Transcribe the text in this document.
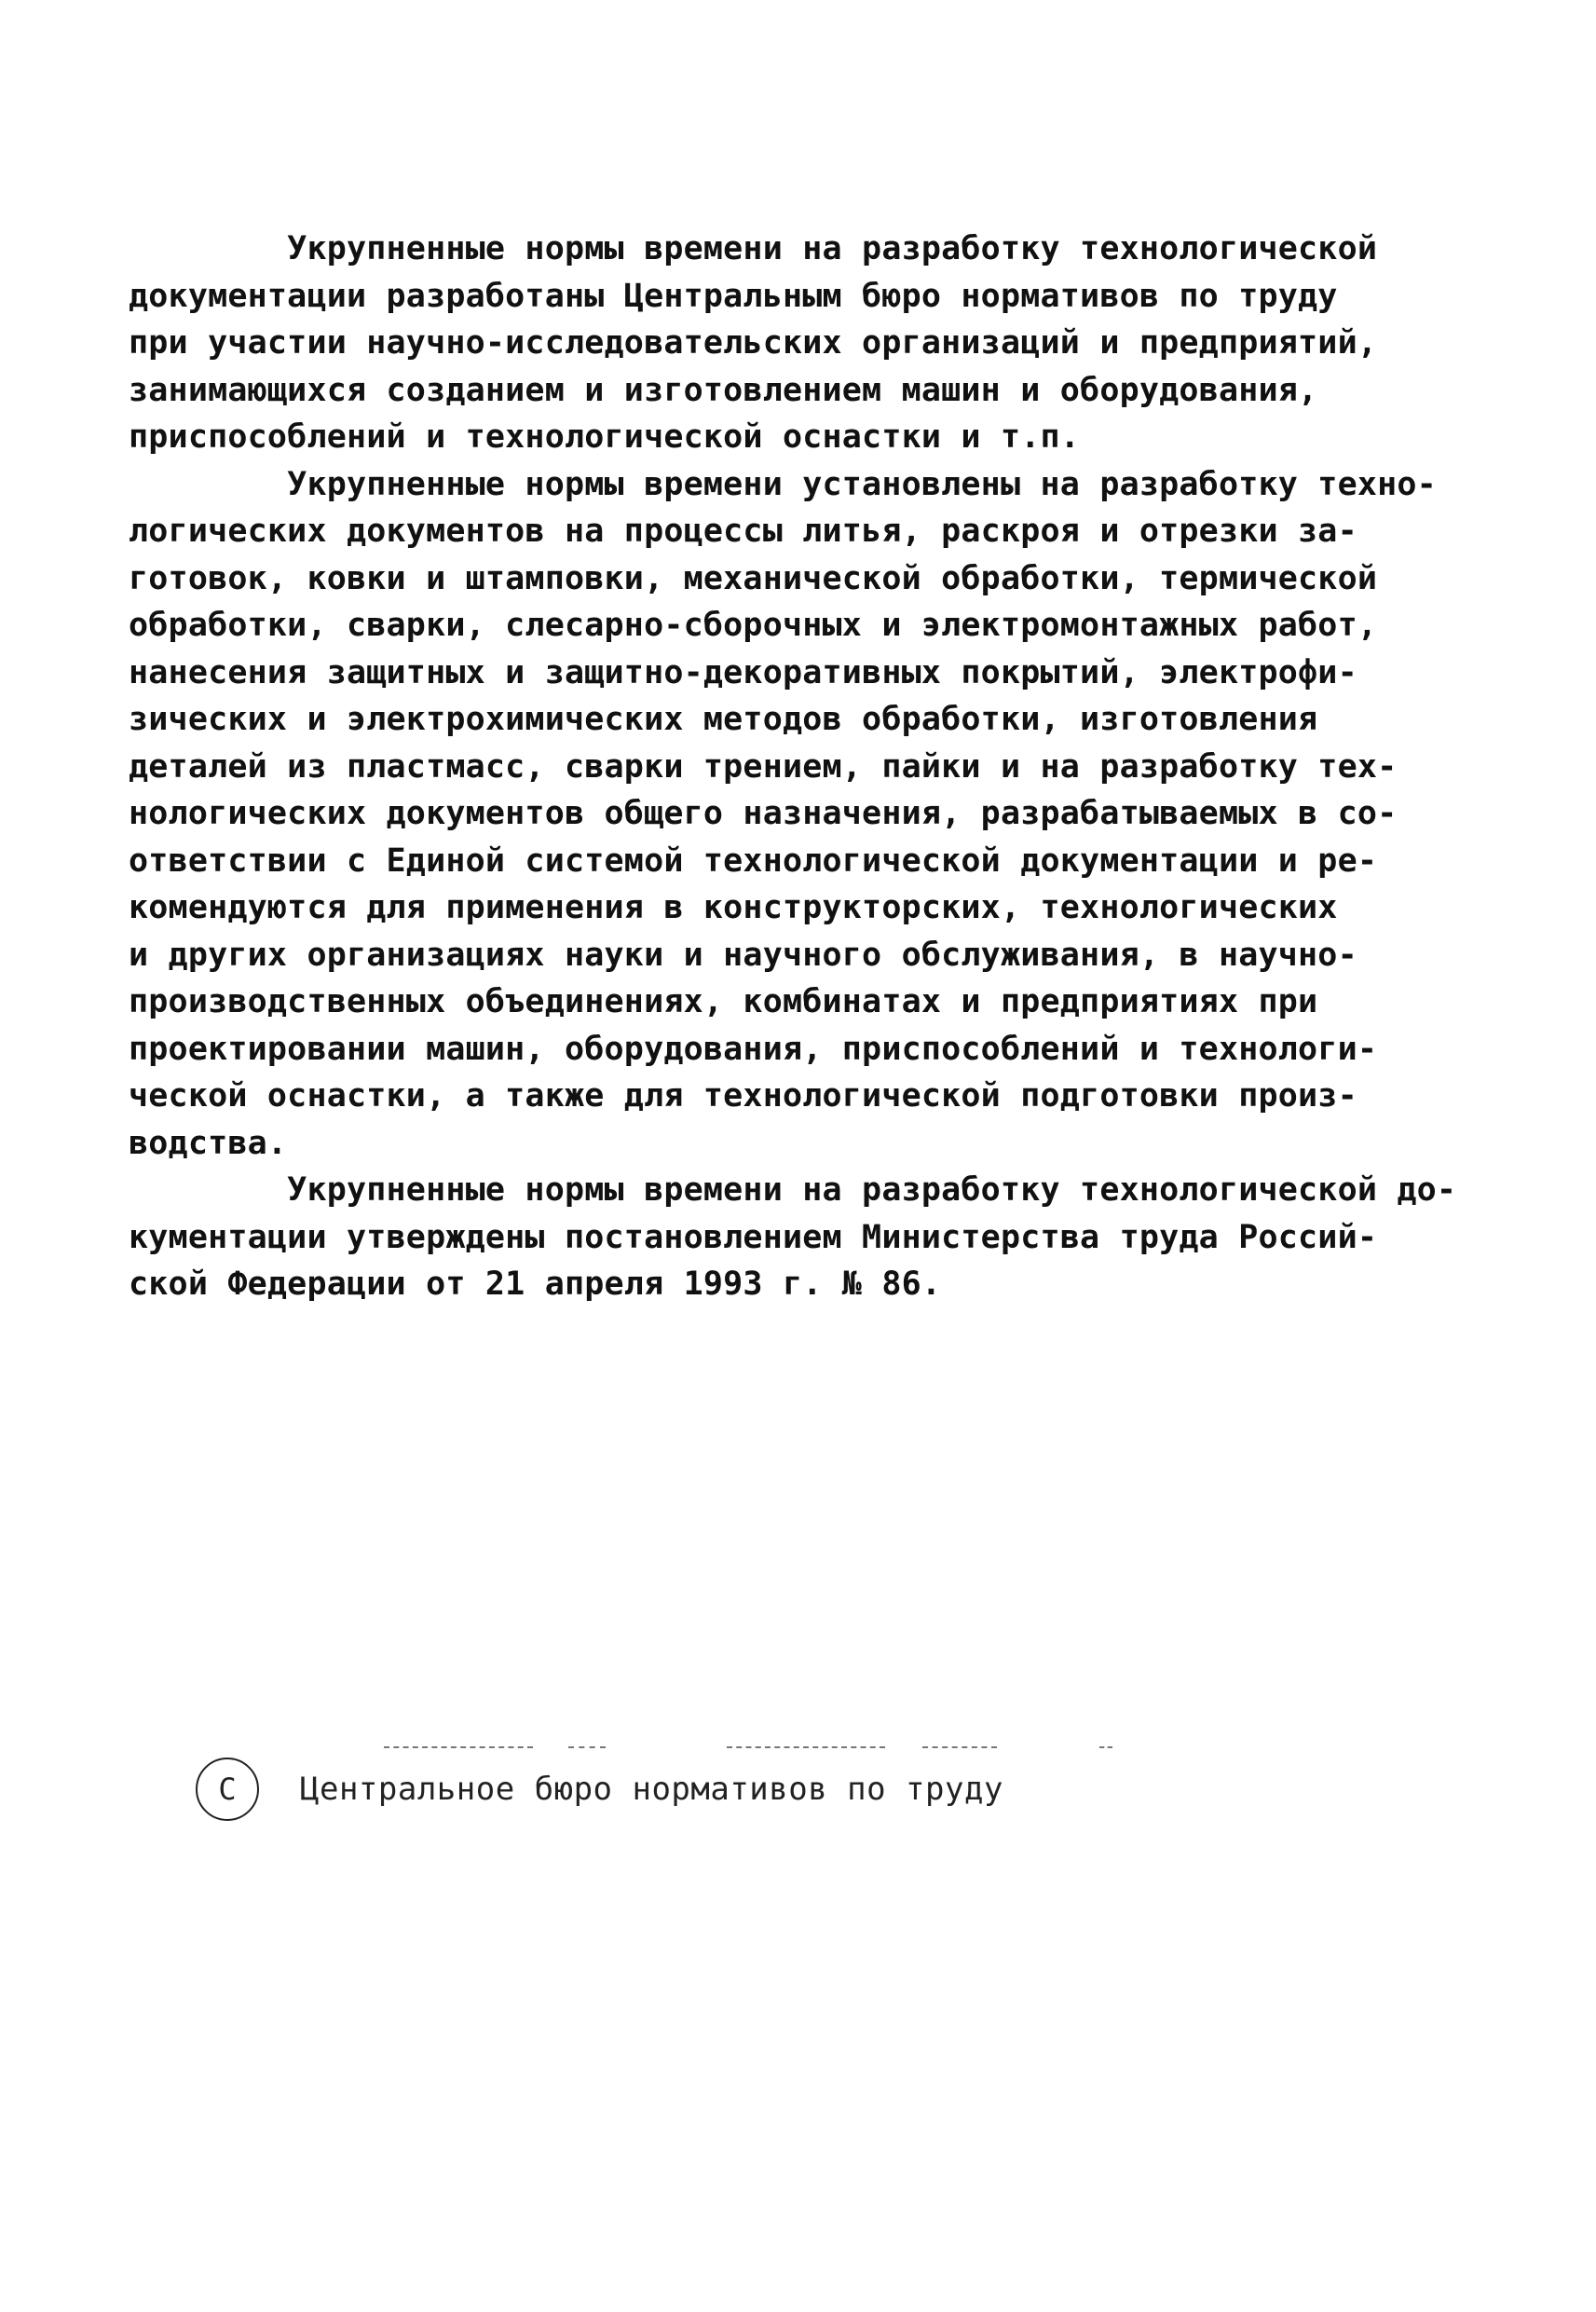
Укрупненные нормы времени на разработку технологической
документации разработаны Центральным бюро нормативов по труду
при участии научно-исследовательских организаций и предприятий,
занимающихся созданием и изготовлением машин и оборудования,
приспособлений и технологической оснастки и т.п.
Укрупненные нормы времени установлены на разработку техно-
логических документов на процессы литья, раскроя и отрезки за-
готовок, ковки и штамповки, механической обработки, термической
обработки, сварки, слесарно-сборочных и электромонтажных работ,
нанесения защитных и защитно-декоративных покрытий, электрофи-
зических и электрохимических методов обработки, изготовления
деталей из пластмасс, сварки трением, пайки и на разработку тех-
нологических документов общего назначения, разрабатываемых в со-
ответствии с Единой системой технологической документации и ре-
комендуются для применения в конструкторских, технологических
и других организациях науки и научного обслуживания, в научно-
производственных объединениях, комбинатах и предприятиях при
проектировании машин, оборудования, приспособлений и технологи-
ческой оснастки, а также для технологической подготовки произ-
водства.
Укрупненные нормы времени на разработку технологической до-
кументации утверждены постановлением Министерства труда Россий-
ской Федерации от 21 апреля 1993 г. № 86.
C Центральное бюро нормативов по труду
